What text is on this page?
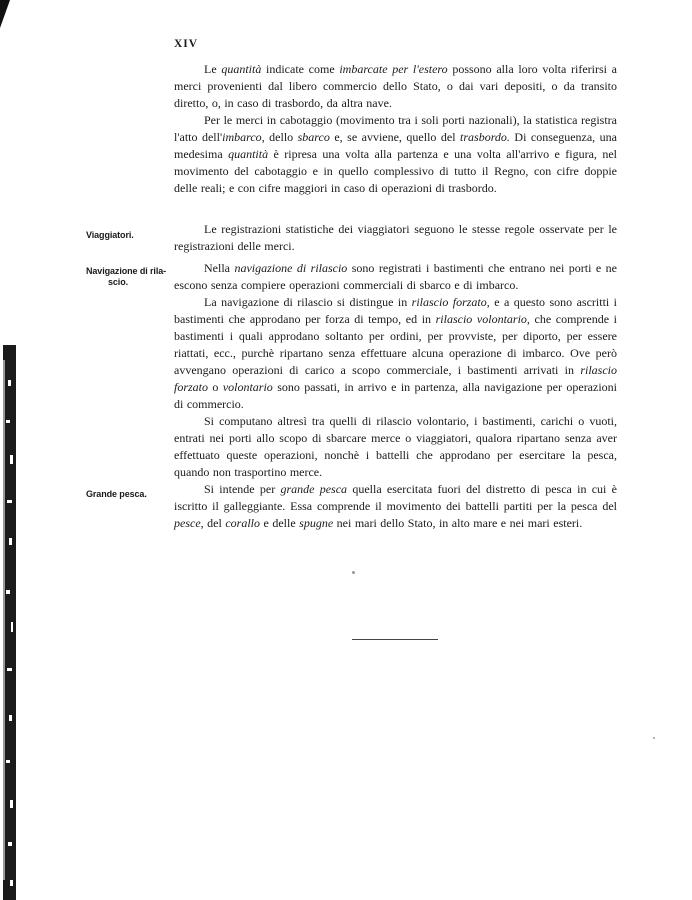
XIV

Le quantità indicate come imbarcate per l'estero possono alla loro volta riferirsi a merci provenienti dal libero commercio dello Stato, o dai vari depositi, o da transito diretto, o, in caso di trasbordo, da altra nave.

Per le merci in cabotaggio (movimento tra i soli porti nazionali), la statistica registra l'atto dell'imbarco, dello sbarco e, se avviene, quello del trasbordo. Di conseguenza, una medesima quantità è ripresa una volta alla partenza e una volta all'arrivo e figura, nel movimento del cabotaggio e in quello complessivo di tutto il Regno, con cifre doppie delle reali; e con cifre maggiori in caso di operazioni di trasbordo.

Viaggiatori.	Le registrazioni statistiche dei viaggiatori seguono le stesse regole osservate per le registrazioni delle merci.

Navigazione di rila-
scio.

Nella navigazione di rilascio sono registrati i bastimenti che entrano nei porti e ne escono senza compiere operazioni commerciali di sbarco e di imbarco.

La navigazione di rilascio si distingue in rilascio forzato, e a questo sono ascritti i bastimenti che approdano per forza di tempo, ed in rilascio volontario, che comprende i bastimenti i quali approdano soltanto per ordini, per provviste, per diporto, per essere riattati, ecc., purchè ripartano senza effettuare alcuna operazione di imbarco. Ove però avvengano operazioni di carico a scopo commerciale, i bastimenti arrivati in rilascio forzato o volontario sono passati, in arrivo e in partenza, alla navigazione per operazioni di commercio.

Si computano altresì tra quelli di rilascio volontario, i bastimenti, carichi o vuoti, entrati nei porti allo scopo di sbarcare merce o viaggiatori, qualora ripartano senza aver effettuato queste operazioni, nonchè i battelli che approdano per esercitare la pesca, quando non trasportino merce.

Grande pesca.	Si intende per grande pesca quella esercitata fuori del distretto di pesca in cui è iscritto il galleggiante. Essa comprende il movimento dei battelli partiti per la pesca del pesce, del corallo e delle spugne nei mari dello Stato, in alto mare e nei mari esteri.
